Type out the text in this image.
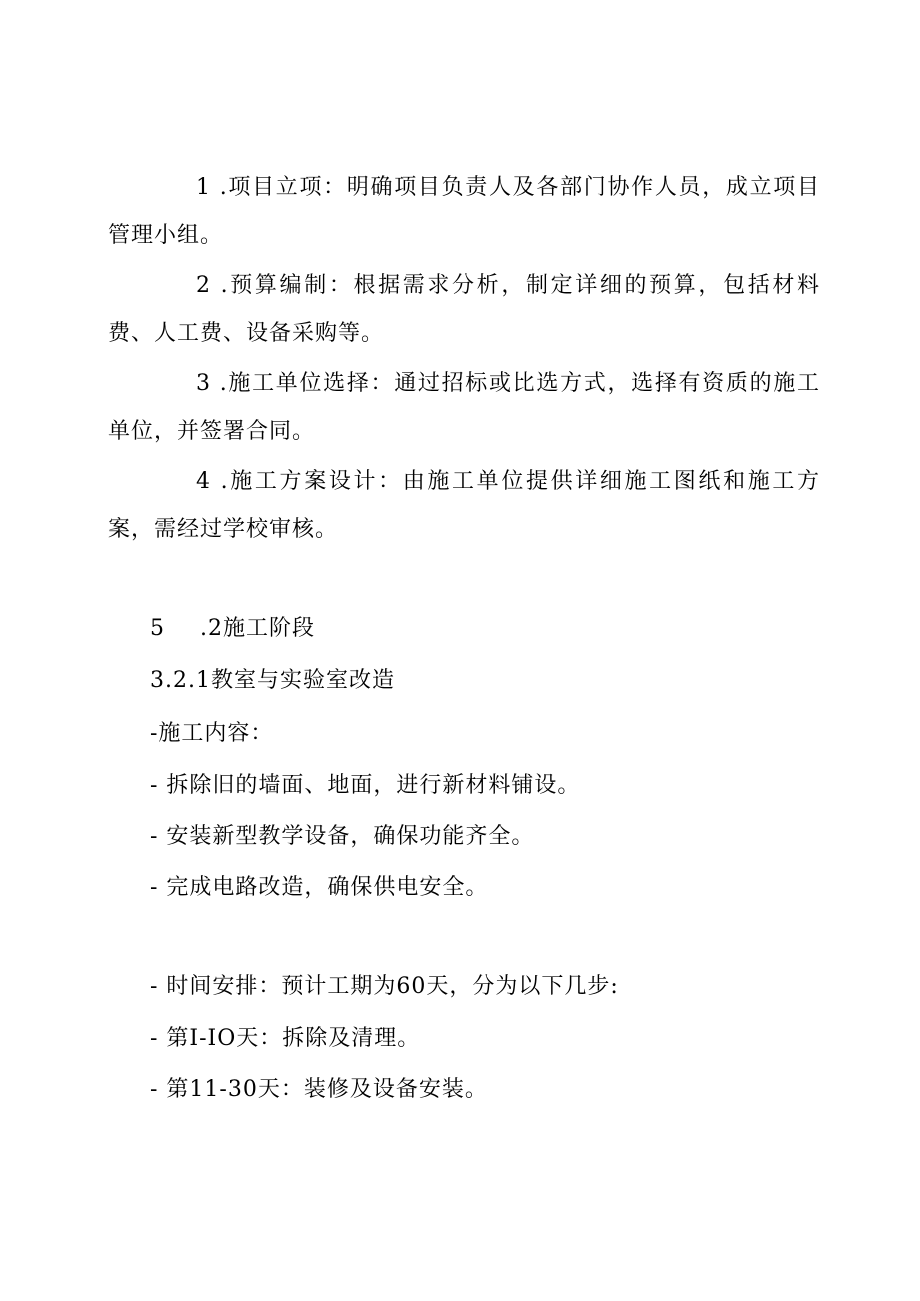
1 .项目立项：明确项目负责人及各部门协作人员，成立项目管理小组。

2 .预算编制：根据需求分析，制定详细的预算，包括材料费、人工费、设备采购等。

3 .施工单位选择：通过招标或比选方式，选择有资质的施工单位，并签署合同。

4 .施工方案设计：由施工单位提供详细施工图纸和施工方案，需经过学校审核。

5 .2施工阶段

3.2.1教室与实验室改造

-施工内容：

- 拆除旧的墙面、地面，进行新材料铺设。

- 安装新型教学设备，确保功能齐全。

- 完成电路改造，确保供电安全。

- 时间安排：预计工期为60天，分为以下几步:

- 第I-IO天：拆除及清理。

- 第11-30天：装修及设备安装。
